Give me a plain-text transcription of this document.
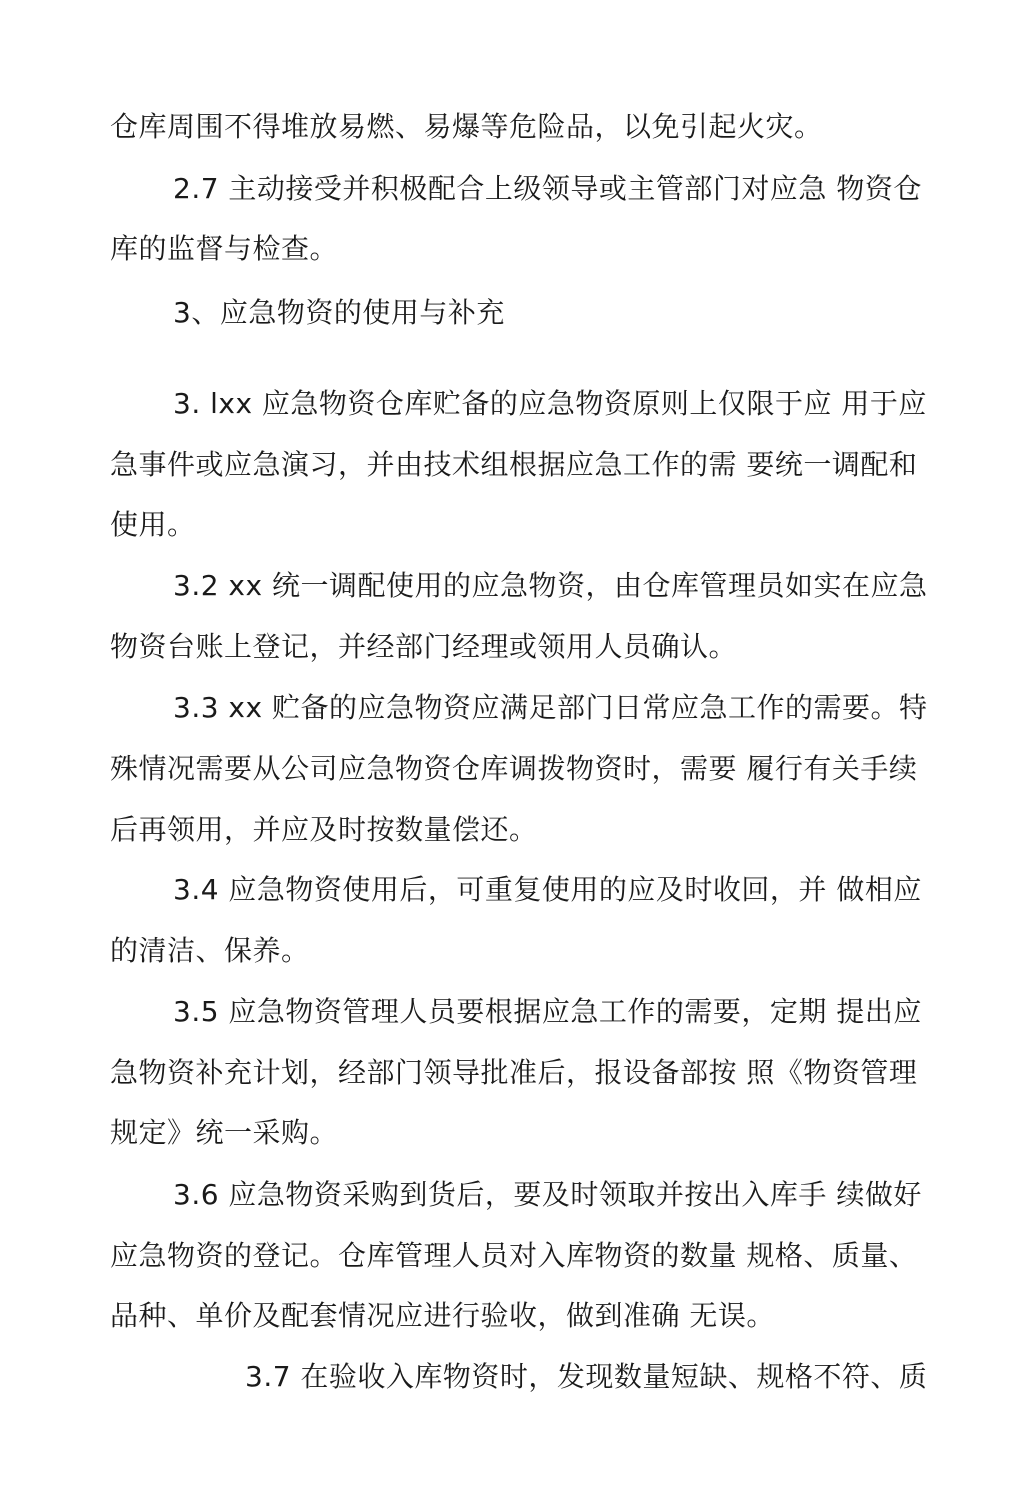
仓库周围不得堆放易燃、易爆等危险品，以免引起火灾。
2.7 主动接受并积极配合上级领导或主管部门对应急 物资仓
库的监督与检查。
3、应急物资的使用与补充
3. lxx 应急物资仓库贮备的应急物资原则上仅限于应 用于应
急事件或应急演习，并由技术组根据应急工作的需 要统一调配和
使用。
3.2 xx 统一调配使用的应急物资，由仓库管理员如实在应急
物资台账上登记，并经部门经理或领用人员确认。
3.3 xx 贮备的应急物资应满足部门日常应急工作的需要。特
殊情况需要从公司应急物资仓库调拨物资时，需要 履行有关手续
后再领用，并应及时按数量偿还。
3.4 应急物资使用后，可重复使用的应及时收回，并 做相应
的清洁、保养。
3.5 应急物资管理人员要根据应急工作的需要，定期 提出应
急物资补充计划，经部门领导批准后，报设备部按 照《物资管理
规定》统一采购。
3.6 应急物资采购到货后，要及时领取并按出入库手 续做好
应急物资的登记。仓库管理人员对入库物资的数量 规格、质量、
品种、单价及配套情况应进行验收，做到准确 无误。
3.7 在验收入库物资时，发现数量短缺、规格不符、质
